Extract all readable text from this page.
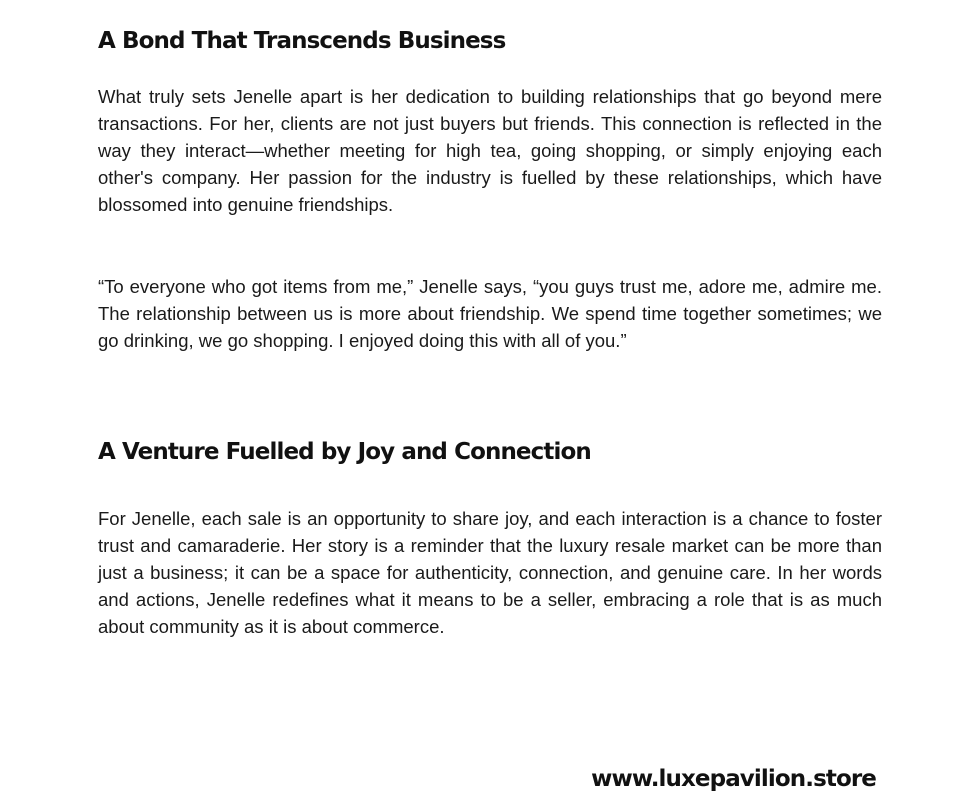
A Bond That Transcends Business

What truly sets Jenelle apart is her dedication to building relationships that go beyond mere transactions. For her, clients are not just buyers but friends. This connection is reflected in the way they interact—whether meeting for high tea, going shopping, or simply enjoying each other's company. Her passion for the industry is fuelled by these relationships, which have blossomed into genuine friendships.

“To everyone who got items from me,” Jenelle says, “you guys trust me, adore me, admire me. The relationship between us is more about friendship. We spend time together sometimes; we go drinking, we go shopping. I enjoyed doing this with all of you.”

A Venture Fuelled by Joy and Connection

For Jenelle, each sale is an opportunity to share joy, and each interaction is a chance to foster trust and camaraderie. Her story is a reminder that the luxury resale market can be more than just a business; it can be a space for authenticity, connection, and genuine care. In her words and actions, Jenelle redefines what it means to be a seller, embracing a role that is as much about community as it is about commerce.

www.luxepavilion.store
